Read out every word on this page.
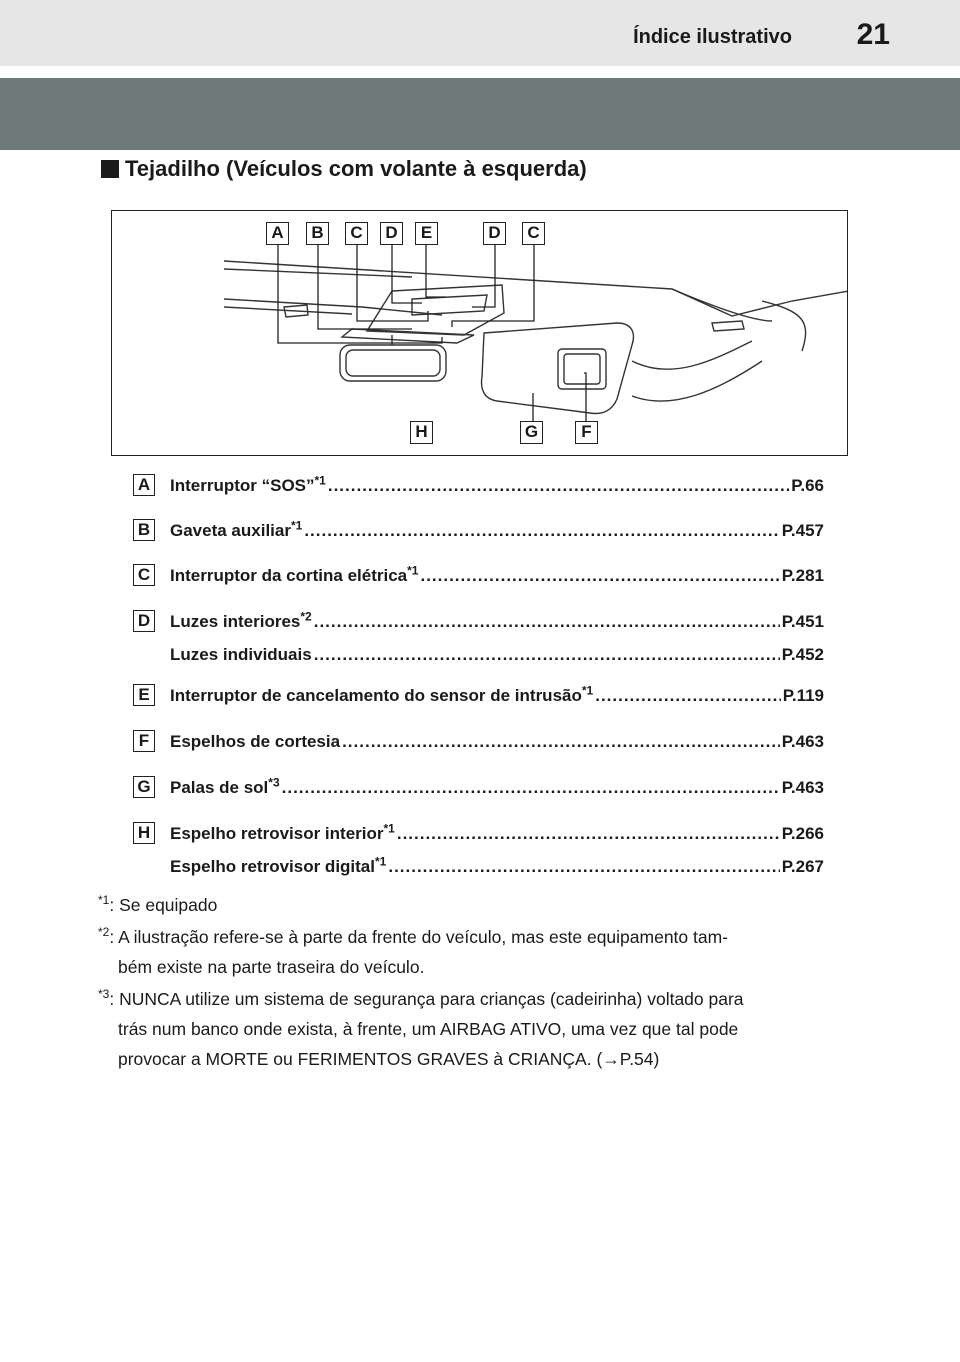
Índice ilustrativo 21
Tejadilho (Veículos com volante à esquerda)
A	B	C	D	E	D	C
H	G	F
A Interruptor “SOS”$^{*1}$ .....	P.66
B Gaveta auxiliar$^{*1}$ .....	P.457
C Interruptor da cortina elétrica$^{*1}$ .....	P.281
D Luzes interiores$^{*2}$ .....	P.451
Luzes individuais .....	P.452
E	Interruptor de cancelamento do sensor de intrusão$^{*1}$ .....	P.119
F	Espelhos de cortesia .....	P.463
G Palas de sol$^{*3}$ .....	P.463
H Espelho retrovisor interior$^{*1}$ .....	P.266
Espelho retrovisor digital$^{*1}$ .....	P.267
$^{*1}$: Se equipado
$^{*2}$: A ilustração refere-se à parte da frente do veículo, mas este equipamento tam-
bém existe na parte traseira do veículo.
$^{*3}$: NUNCA utilize um sistema de segurança para crianças (cadeirinha) voltado para
trás num banco onde exista, à frente, um AIRBAG ATIVO, uma vez que tal pode
provocar a MORTE ou FERIMENTOS GRAVES à CRIANÇA. (→P.54)
